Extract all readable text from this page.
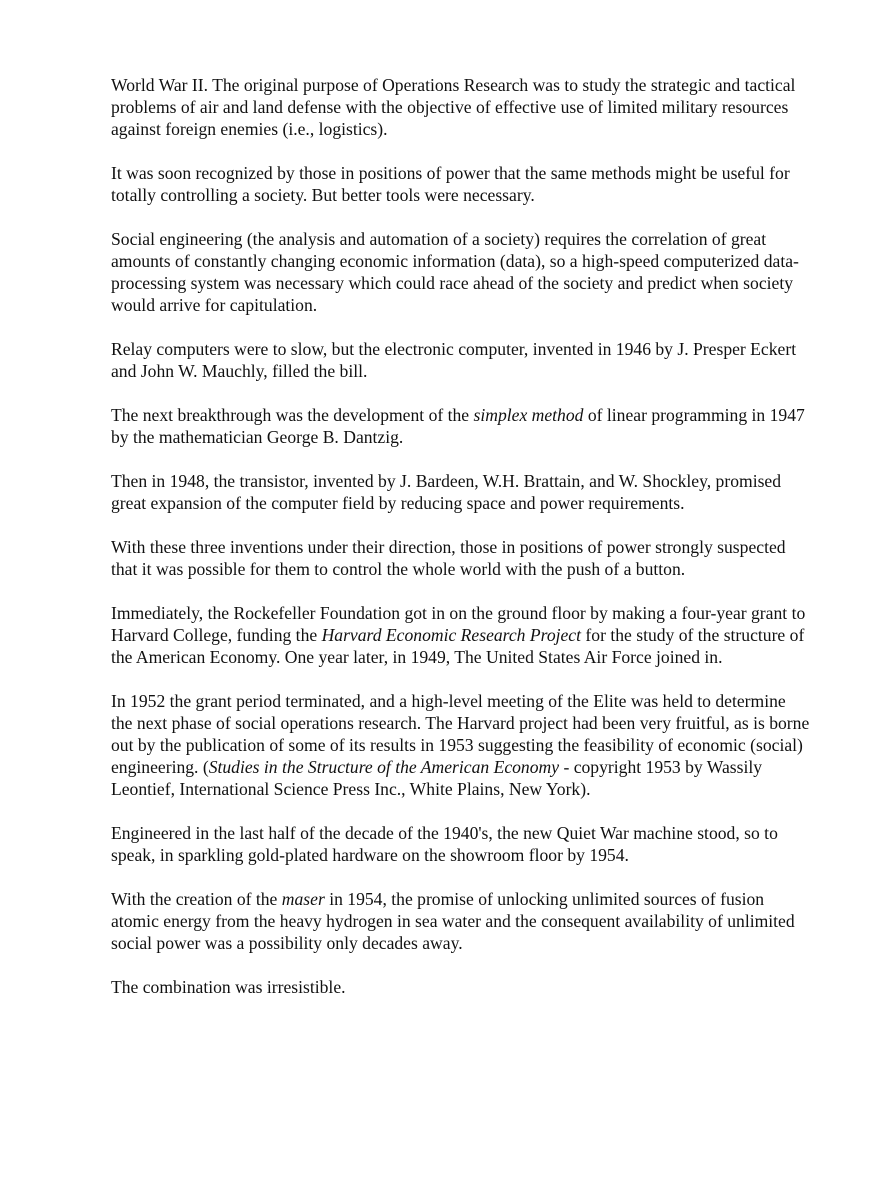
World War II. The original purpose of Operations Research was to study the strategic and tactical problems of air and land defense with the objective of effective use of limited military resources against foreign enemies (i.e., logistics).

It was soon recognized by those in positions of power that the same methods might be useful for totally controlling a society. But better tools were necessary.

Social engineering (the analysis and automation of a society) requires the correlation of great amounts of constantly changing economic information (data), so a high-speed computerized data-processing system was necessary which could race ahead of the society and predict when society would arrive for capitulation.

Relay computers were to slow, but the electronic computer, invented in 1946 by J. Presper Eckert and John W. Mauchly, filled the bill.

The next breakthrough was the development of the simplex method of linear programming in 1947 by the mathematician George B. Dantzig.

Then in 1948, the transistor, invented by J. Bardeen, W.H. Brattain, and W. Shockley, promised great expansion of the computer field by reducing space and power requirements.

With these three inventions under their direction, those in positions of power strongly suspected that it was possible for them to control the whole world with the push of a button.

Immediately, the Rockefeller Foundation got in on the ground floor by making a four-year grant to Harvard College, funding the Harvard Economic Research Project for the study of the structure of the American Economy. One year later, in 1949, The United States Air Force joined in.

In 1952 the grant period terminated, and a high-level meeting of the Elite was held to determine the next phase of social operations research. The Harvard project had been very fruitful, as is borne out by the publication of some of its results in 1953 suggesting the feasibility of economic (social) engineering. (Studies in the Structure of the American Economy - copyright 1953 by Wassily Leontief, International Science Press Inc., White Plains, New York).

Engineered in the last half of the decade of the 1940's, the new Quiet War machine stood, so to speak, in sparkling gold-plated hardware on the showroom floor by 1954.

With the creation of the maser in 1954, the promise of unlocking unlimited sources of fusion atomic energy from the heavy hydrogen in sea water and the consequent availability of unlimited social power was a possibility only decades away.

The combination was irresistible.
